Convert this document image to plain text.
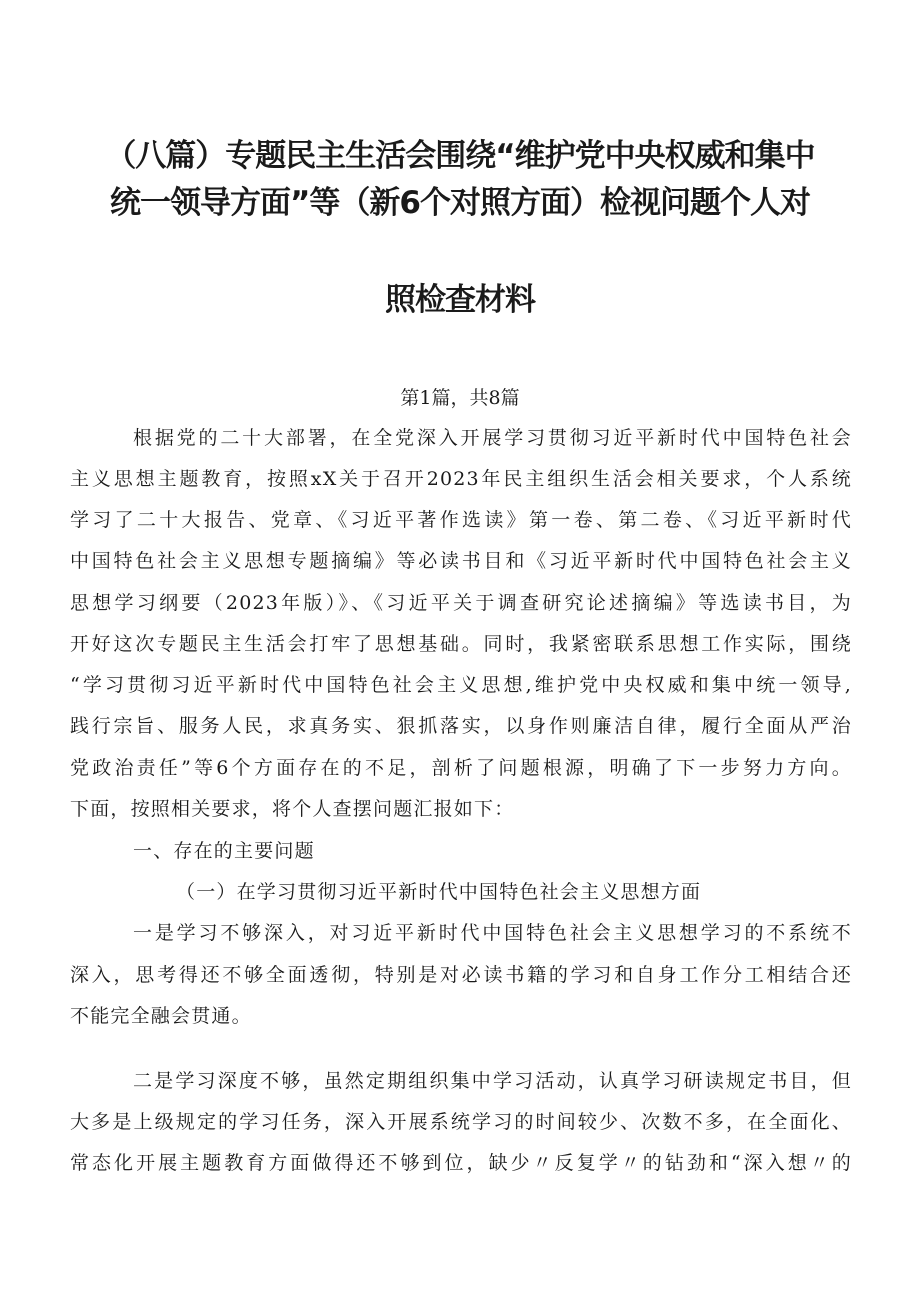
（八篇）专题民主生活会围绕“维护党中央权威和集中
统一领导方面”等（新6个对照方面）检视问题个人对
照检查材料
第1篇，共8篇
根据党的二十大部署，在全党深入开展学习贯彻习近平新时代中国特色社会
主义思想主题教育，按照xX关于召开2023年民主组织生活会相关要求，个人系统
学习了二十大报告、党章、《习近平著作选读》第一卷、第二卷、《习近平新时代
中国特色社会主义思想专题摘编》等必读书目和《习近平新时代中国特色社会主义
思想学习纲要（2023年版）》、《习近平关于调查研究论述摘编》等选读书目，为
开好这次专题民主生活会打牢了思想基础。同时，我紧密联系思想工作实际，围绕
“学习贯彻习近平新时代中国特色社会主义思想,维护党中央权威和集中统一领导,
践行宗旨、服务人民，求真务实、狠抓落实，以身作则廉洁自律，履行全面从严治
党政治责任”等6个方面存在的不足，剖析了问题根源，明确了下一步努力方向。
下面，按照相关要求，将个人查摆问题汇报如下：
一、存在的主要问题
（一）在学习贯彻习近平新时代中国特色社会主义思想方面
一是学习不够深入，对习近平新时代中国特色社会主义思想学习的不系统不
深入，思考得还不够全面透彻，特别是对必读书籍的学习和自身工作分工相结合还
不能完全融会贯通。
二是学习深度不够，虽然定期组织集中学习活动，认真学习研读规定书目，但
大多是上级规定的学习任务，深入开展系统学习的时间较少、次数不多，在全面化、
常态化开展主题教育方面做得还不够到位，缺少〃反复学〃的钻劲和“深入想〃的
